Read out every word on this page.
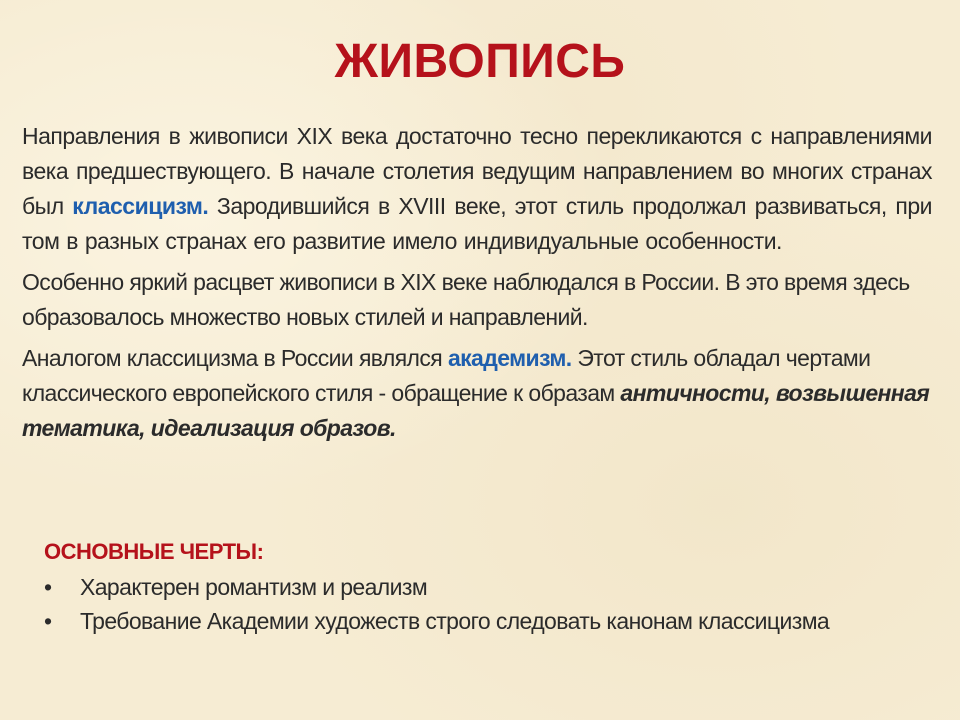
ЖИВОПИСЬ

Направления в живописи XIX века достаточно тесно перекликаются с направлениями века предшествующего. В начале столетия ведущим направлением во многих странах был классицизм. Зародившийся в XVIII веке, этот стиль продолжал развиваться, при том в разных странах его развитие имело индивидуальные особенности.

Особенно яркий расцвет живописи в XIX веке наблюдался в России. В это время здесь образовалось множество новых стилей и направлений.

Аналогом классицизма в России являлся академизм. Этот стиль обладал чертами классического европейского стиля - обращение к образам античности, возвышенная тематика, идеализация образов.

ОСНОВНЫЕ ЧЕРТЫ:
•	Характерен романтизм и реализм
•	Требование Академии художеств строго следовать канонам классицизма
